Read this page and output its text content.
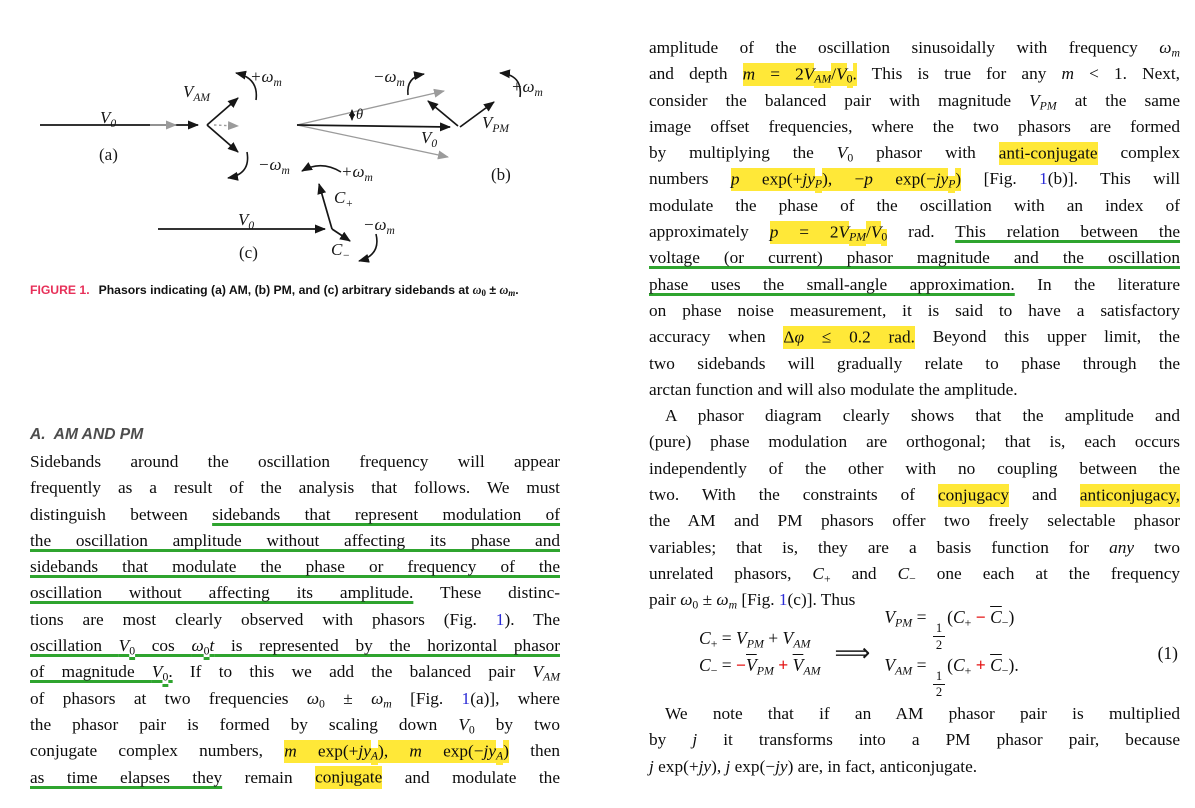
$V_0$
$V_{AM}$
$+\omega_m$
$-\omega_m$
(a)
$-\omega_m$	$+\omega_m$
$V_0$
$V_{PM}$
θ
(b)
$V_0$
$C_+$
$C_-$
$+\omega_m$
$-\omega_m$
(c)
FIGURE 1. Phasors indicating (a) AM, (b) PM, and (c) arbitrary sidebands at ω0 ± ωm.
A.  AM AND PM
Sidebands around the oscillation frequency will appear
frequently as a result of the analysis that follows. We must
distinguish between sidebands that represent modulation of
the oscillation amplitude without affecting its phase and
sidebands that modulate the phase or frequency of the
oscillation without affecting its amplitude. These distinc-
tions are most clearly observed with phasors (Fig. 1). The
oscillation V0 cos ω0t is represented by the horizontal phasor
of magnitude V0. If to this we add the balanced pair VAM
of phasors at two frequencies ω0 ± ωm [Fig. 1(a)], where
the phasor pair is formed by scaling down V0 by two
conjugate complex numbers, m exp(+jyA), m exp(−jyA) then
as time elapses they remain conjugate and modulate the
amplitude of the oscillation sinusoidally with frequency ωm
and depth m = 2VAM/V0. This is true for any m < 1. Next,
consider the balanced pair with magnitude VPM at the same
image offset frequencies, where the two phasors are formed
by multiplying the V0 phasor with anti-conjugate complex
numbers p exp(+jyP), −p exp(−jyP) [Fig. 1(b)]. This will
modulate the phase of the oscillation with an index of
approximately p = 2VPM/V0 rad. This relation between the
voltage (or current) phasor magnitude and the oscillation
phase uses the small-angle approximation. In the literature
on phase noise measurement, it is said to have a satisfactory
accuracy when Δφ ≤ 0.2 rad. Beyond this upper limit, the
two sidebands will gradually relate to phase through the
arctan function and will also modulate the amplitude.
A phasor diagram clearly shows that the amplitude and
(pure) phase modulation are orthogonal; that is, each occurs
independently of the other with no coupling between the
two. With the constraints of conjugacy and anticonjugacy,
the AM and PM phasors offer two freely selectable phasor
variables; that is, they are a basis function for any two
unrelated phasors, C+ and C− one each at the frequency
pair ω0 ± ωm [Fig. 1(c)]. Thus
C+ = VPM + VAM
$C- = -\overline{V}PM + \overline{V}AM$
⟹
VPM =
$\frac{1}{2}$
$(C+ - \overline{C}-)$
VAM =
$\frac{1}{2}$
$(C+ + \overline{C}-)$.
(1)
We note that if an AM phasor pair is multiplied
by j it transforms into a PM phasor pair, because
j exp(+jy), j exp(−jy) are, in fact, anticonjugate.
